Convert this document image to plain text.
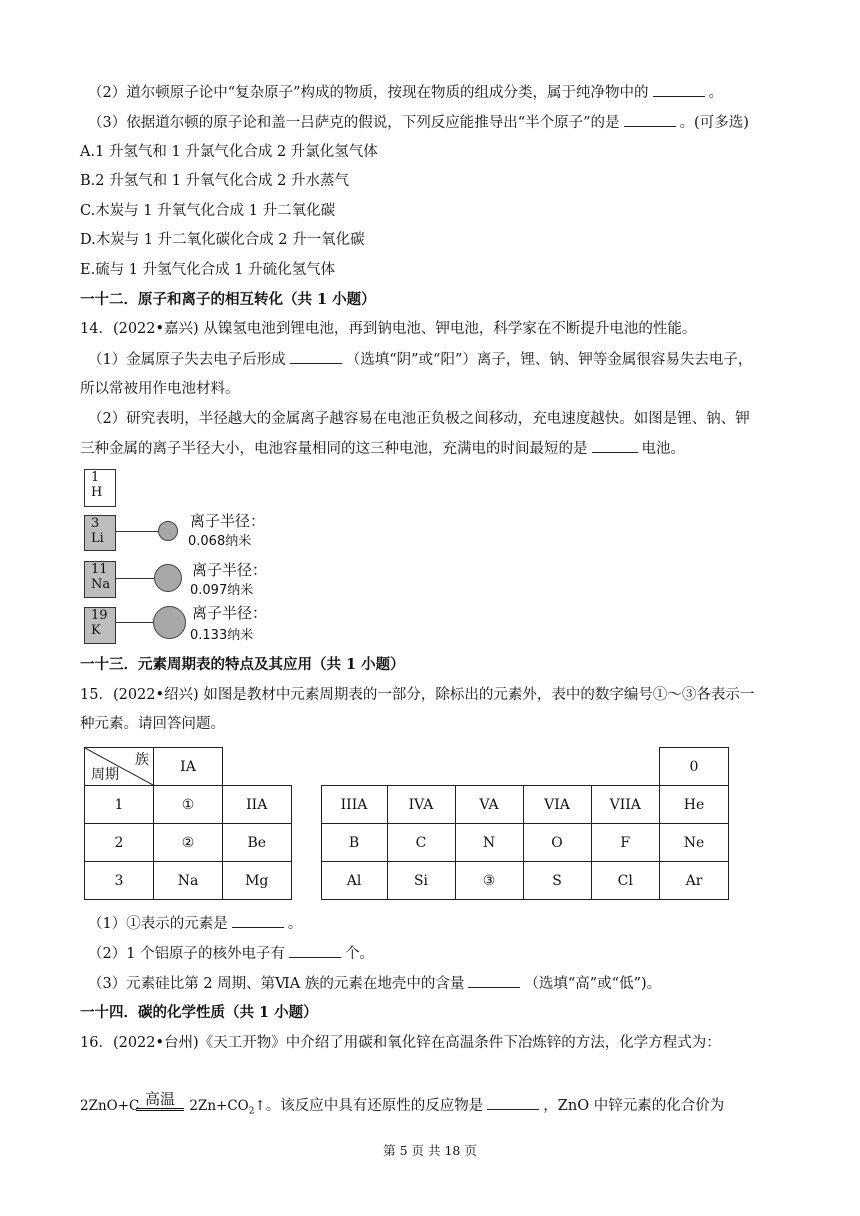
（2）道尔顿原子论中“复杂原子”构成的物质，按现在物质的组成分类，属于纯净物中的	。
（3）依据道尔顿的原子论和盖一吕萨克的假说，下列反应能推导出“半个原子”的是	。(可多选)
A.1 升氢气和 1 升氯气化合成 2 升氯化氢气体
B.2 升氢气和 1 升氧气化合成 2 升水蒸气
C.木炭与 1 升氧气化合成 1 升二氧化碳
D.木炭与 1 升二氧化碳化合成 2 升一氧化碳
E.硫与 1 升氢气化合成 1 升硫化氢气体
一十二．原子和离子的相互转化（共 1 小题）
14．(2022•嘉兴) 从镍氢电池到锂电池，再到钠电池、钾电池，科学家在不断提升电池的性能。
（1）金属原子失去电子后形成	（选填“阴”或“阳”）离子，锂、钠、钾等金属很容易失去电子，
所以常被用作电池材料。
（2）研究表明，半径越大的金属离子越容易在电池正负极之间移动，充电速度越快。如图是锂、钠、钾
三种金属的离子半径大小，电池容量相同的这三种电池，充满电的时间最短的是	电池。
1
H
3
Li
离子半径：
0.068纳米
11
Na
离子半径：
0.097纳米
19
K
离子半径：
0.133纳米
一十三．元素周期表的特点及其应用（共 1 小题）
15．(2022•绍兴) 如图是教材中元素周期表的一部分，除标出的元素外，表中的数字编号①～③各表示一
种元素。请回答问题。
族
周期	IA								0
1	①	IIA		IIIA	IVA	VA	VIA	VIIA	He
2	②	Be		B	C	N	O	F	Ne
3	Na	Mg		Al	Si	③	S	Cl	Ar
（1）①表示的元素是	。
（2）1 个铝原子的核外电子有	个。
（3）元素硅比第 2 周期、第ⅥA 族的元素在地壳中的含量	（选填“高”或“低”)。
一十四．碳的化学性质（共 1 小题）
16．(2022•台州)《天工开物》中介绍了用碳和氧化锌在高温条件下冶炼锌的方法，化学方程式为：
高温
2ZnO+C	$2Zn+CO_2↑$。该反应中具有还原性的反应物是	，ZnO 中锌元素的化合价为
第 5 页 共 18 页
